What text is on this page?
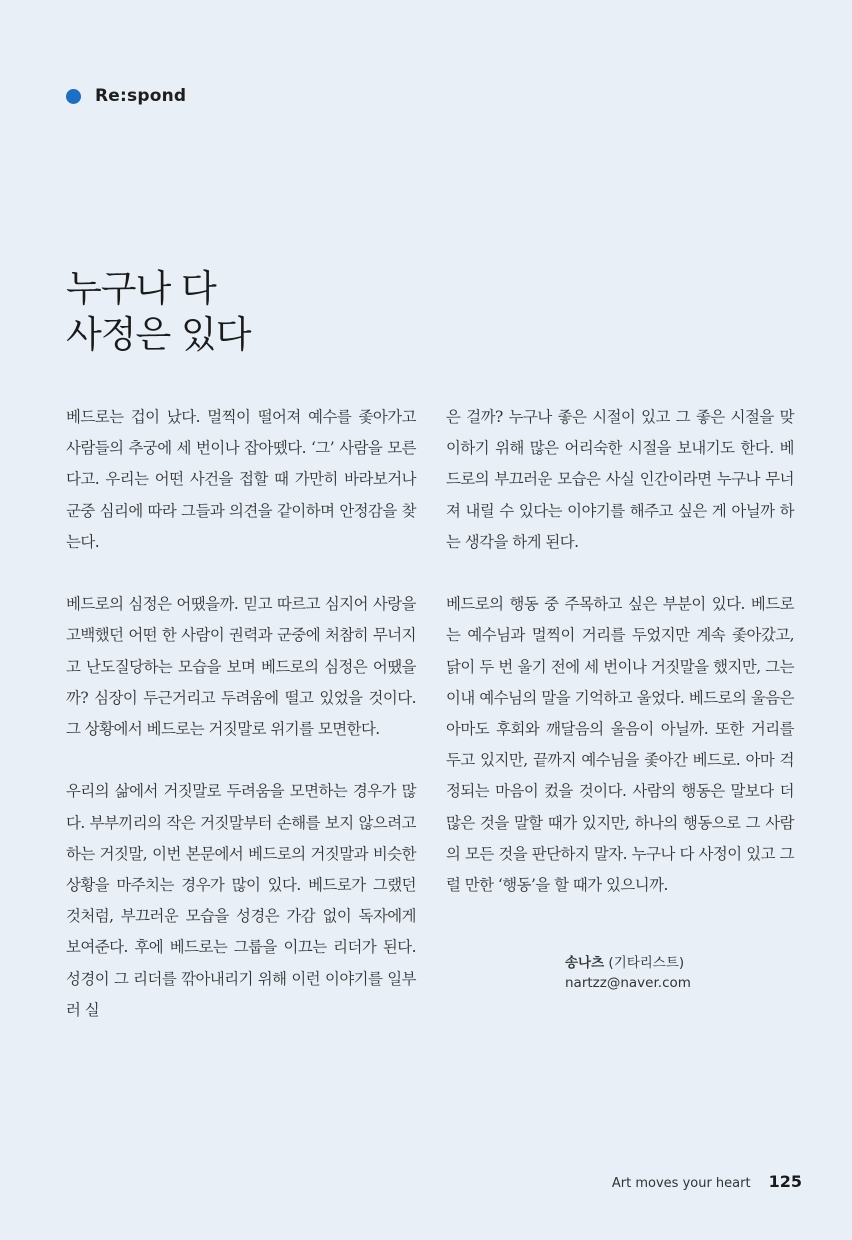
Re:spond
누구나 다
사정은 있다

베드로는 겁이 났다. 멀찍이 떨어져 예수를 좇아가고 사람들의 추궁에 세 번이나 잡아뗐다. ‘그’ 사람을 모른다고. 우리는 어떤 사건을 접할 때 가만히 바라보거나 군중 심리에 따라 그들과 의견을 같이하며 안정감을 찾는다.

베드로의 심정은 어땠을까. 믿고 따르고 심지어 사랑을 고백했던 어떤 한 사람이 권력과 군중에 처참히 무너지고 난도질당하는 모습을 보며 베드로의 심정은 어땠을까? 심장이 두근거리고 두려움에 떨고 있었을 것이다. 그 상황에서 베드로는 거짓말로 위기를 모면한다.

우리의 삶에서 거짓말로 두려움을 모면하는 경우가 많다. 부부끼리의 작은 거짓말부터 손해를 보지 않으려고 하는 거짓말, 이번 본문에서 베드로의 거짓말과 비슷한 상황을 마주치는 경우가 많이 있다. 베드로가 그랬던 것처럼, 부끄러운 모습을 성경은 가감 없이 독자에게 보여준다. 후에 베드로는 그룹을 이끄는 리더가 된다. 성경이 그 리더를 깎아내리기 위해 이런 이야기를 일부러 실

은 걸까? 누구나 좋은 시절이 있고 그 좋은 시절을 맞이하기 위해 많은 어리숙한 시절을 보내기도 한다. 베드로의 부끄러운 모습은 사실 인간이라면 누구나 무너져 내릴 수 있다는 이야기를 해주고 싶은 게 아닐까 하는 생각을 하게 된다.

베드로의 행동 중 주목하고 싶은 부분이 있다. 베드로는 예수님과 멀찍이 거리를 두었지만 계속 좇아갔고, 닭이 두 번 울기 전에 세 번이나 거짓말을 했지만, 그는 이내 예수님의 말을 기억하고 울었다. 베드로의 울음은 아마도 후회와 깨달음의 울음이 아닐까. 또한 거리를 두고 있지만, 끝까지 예수님을 좇아간 베드로. 아마 걱정되는 마음이 컸을 것이다. 사람의 행동은 말보다 더 많은 것을 말할 때가 있지만, 하나의 행동으로 그 사람의 모든 것을 판단하지 말자. 누구나 다 사정이 있고 그럴 만한 ‘행동’을 할 때가 있으니까.

송나츠 (기타리스트)
nartzz@naver.com
Art moves your heart 125
